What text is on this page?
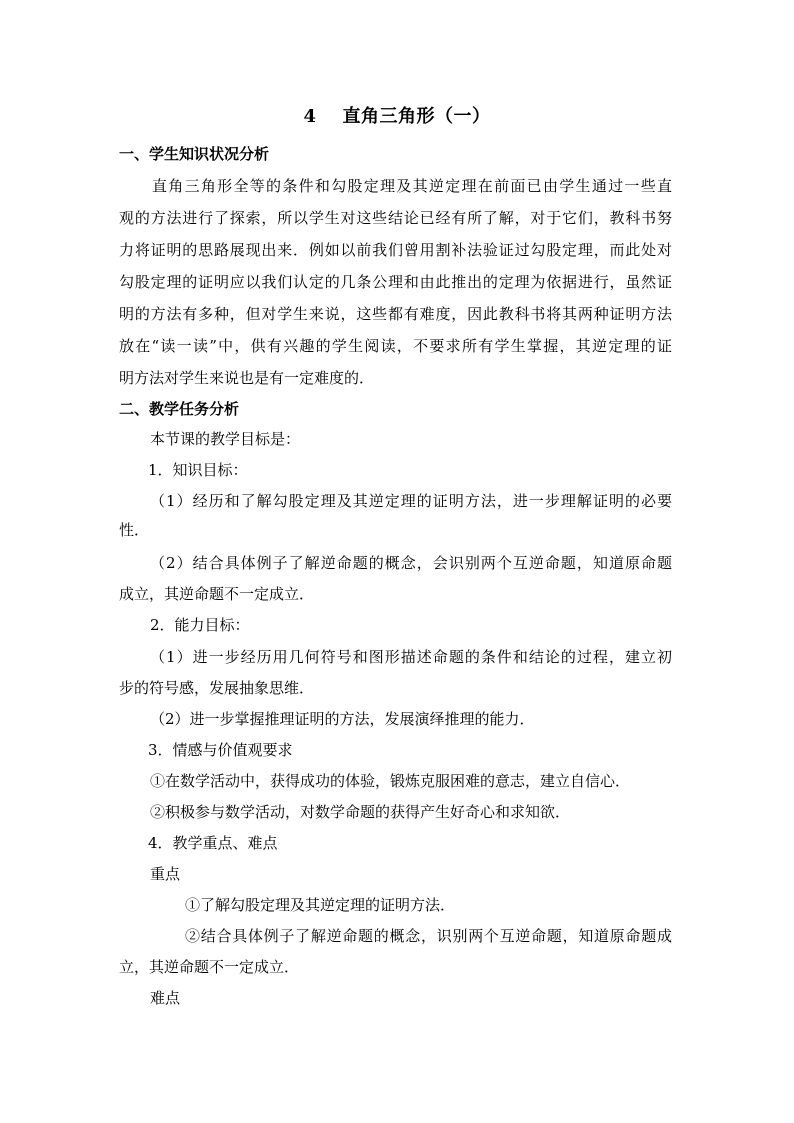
4 直角三角形（一）
一、学生知识状况分析
直角三角形全等的条件和勾股定理及其逆定理在前面已由学生通过一些直
观的方法进行了探索，所以学生对这些结论已经有所了解，对于它们，教科书努
力将证明的思路展现出来．例如以前我们曾用割补法验证过勾股定理，而此处对
勾股定理的证明应以我们认定的几条公理和由此推出的定理为依据进行，虽然证
明的方法有多种，但对学生来说，这些都有难度，因此教科书将其两种证明方法
放在“读一读”中，供有兴趣的学生阅读，不要求所有学生掌握，其逆定理的证
明方法对学生来说也是有一定难度的．
二、教学任务分析
本节课的教学目标是：
1．知识目标：
（1）经历和了解勾股定理及其逆定理的证明方法，进一步理解证明的必要
性．
（2）结合具体例子了解逆命题的概念，会识别两个互逆命题，知道原命题
成立，其逆命题不一定成立．
2．能力目标：
（1）进一步经历用几何符号和图形描述命题的条件和结论的过程，建立初
步的符号感，发展抽象思维．
（2）进一步掌握推理证明的方法，发展演绎推理的能力．
3．情感与价值观要求
①在数学活动中，获得成功的体验，锻炼克服困难的意志，建立自信心．
②积极参与数学活动，对数学命题的获得产生好奇心和求知欲．
4．教学重点、难点
重点
①了解勾股定理及其逆定理的证明方法．
②结合具体例子了解逆命题的概念，识别两个互逆命题，知道原命题成
立，其逆命题不一定成立．
难点
